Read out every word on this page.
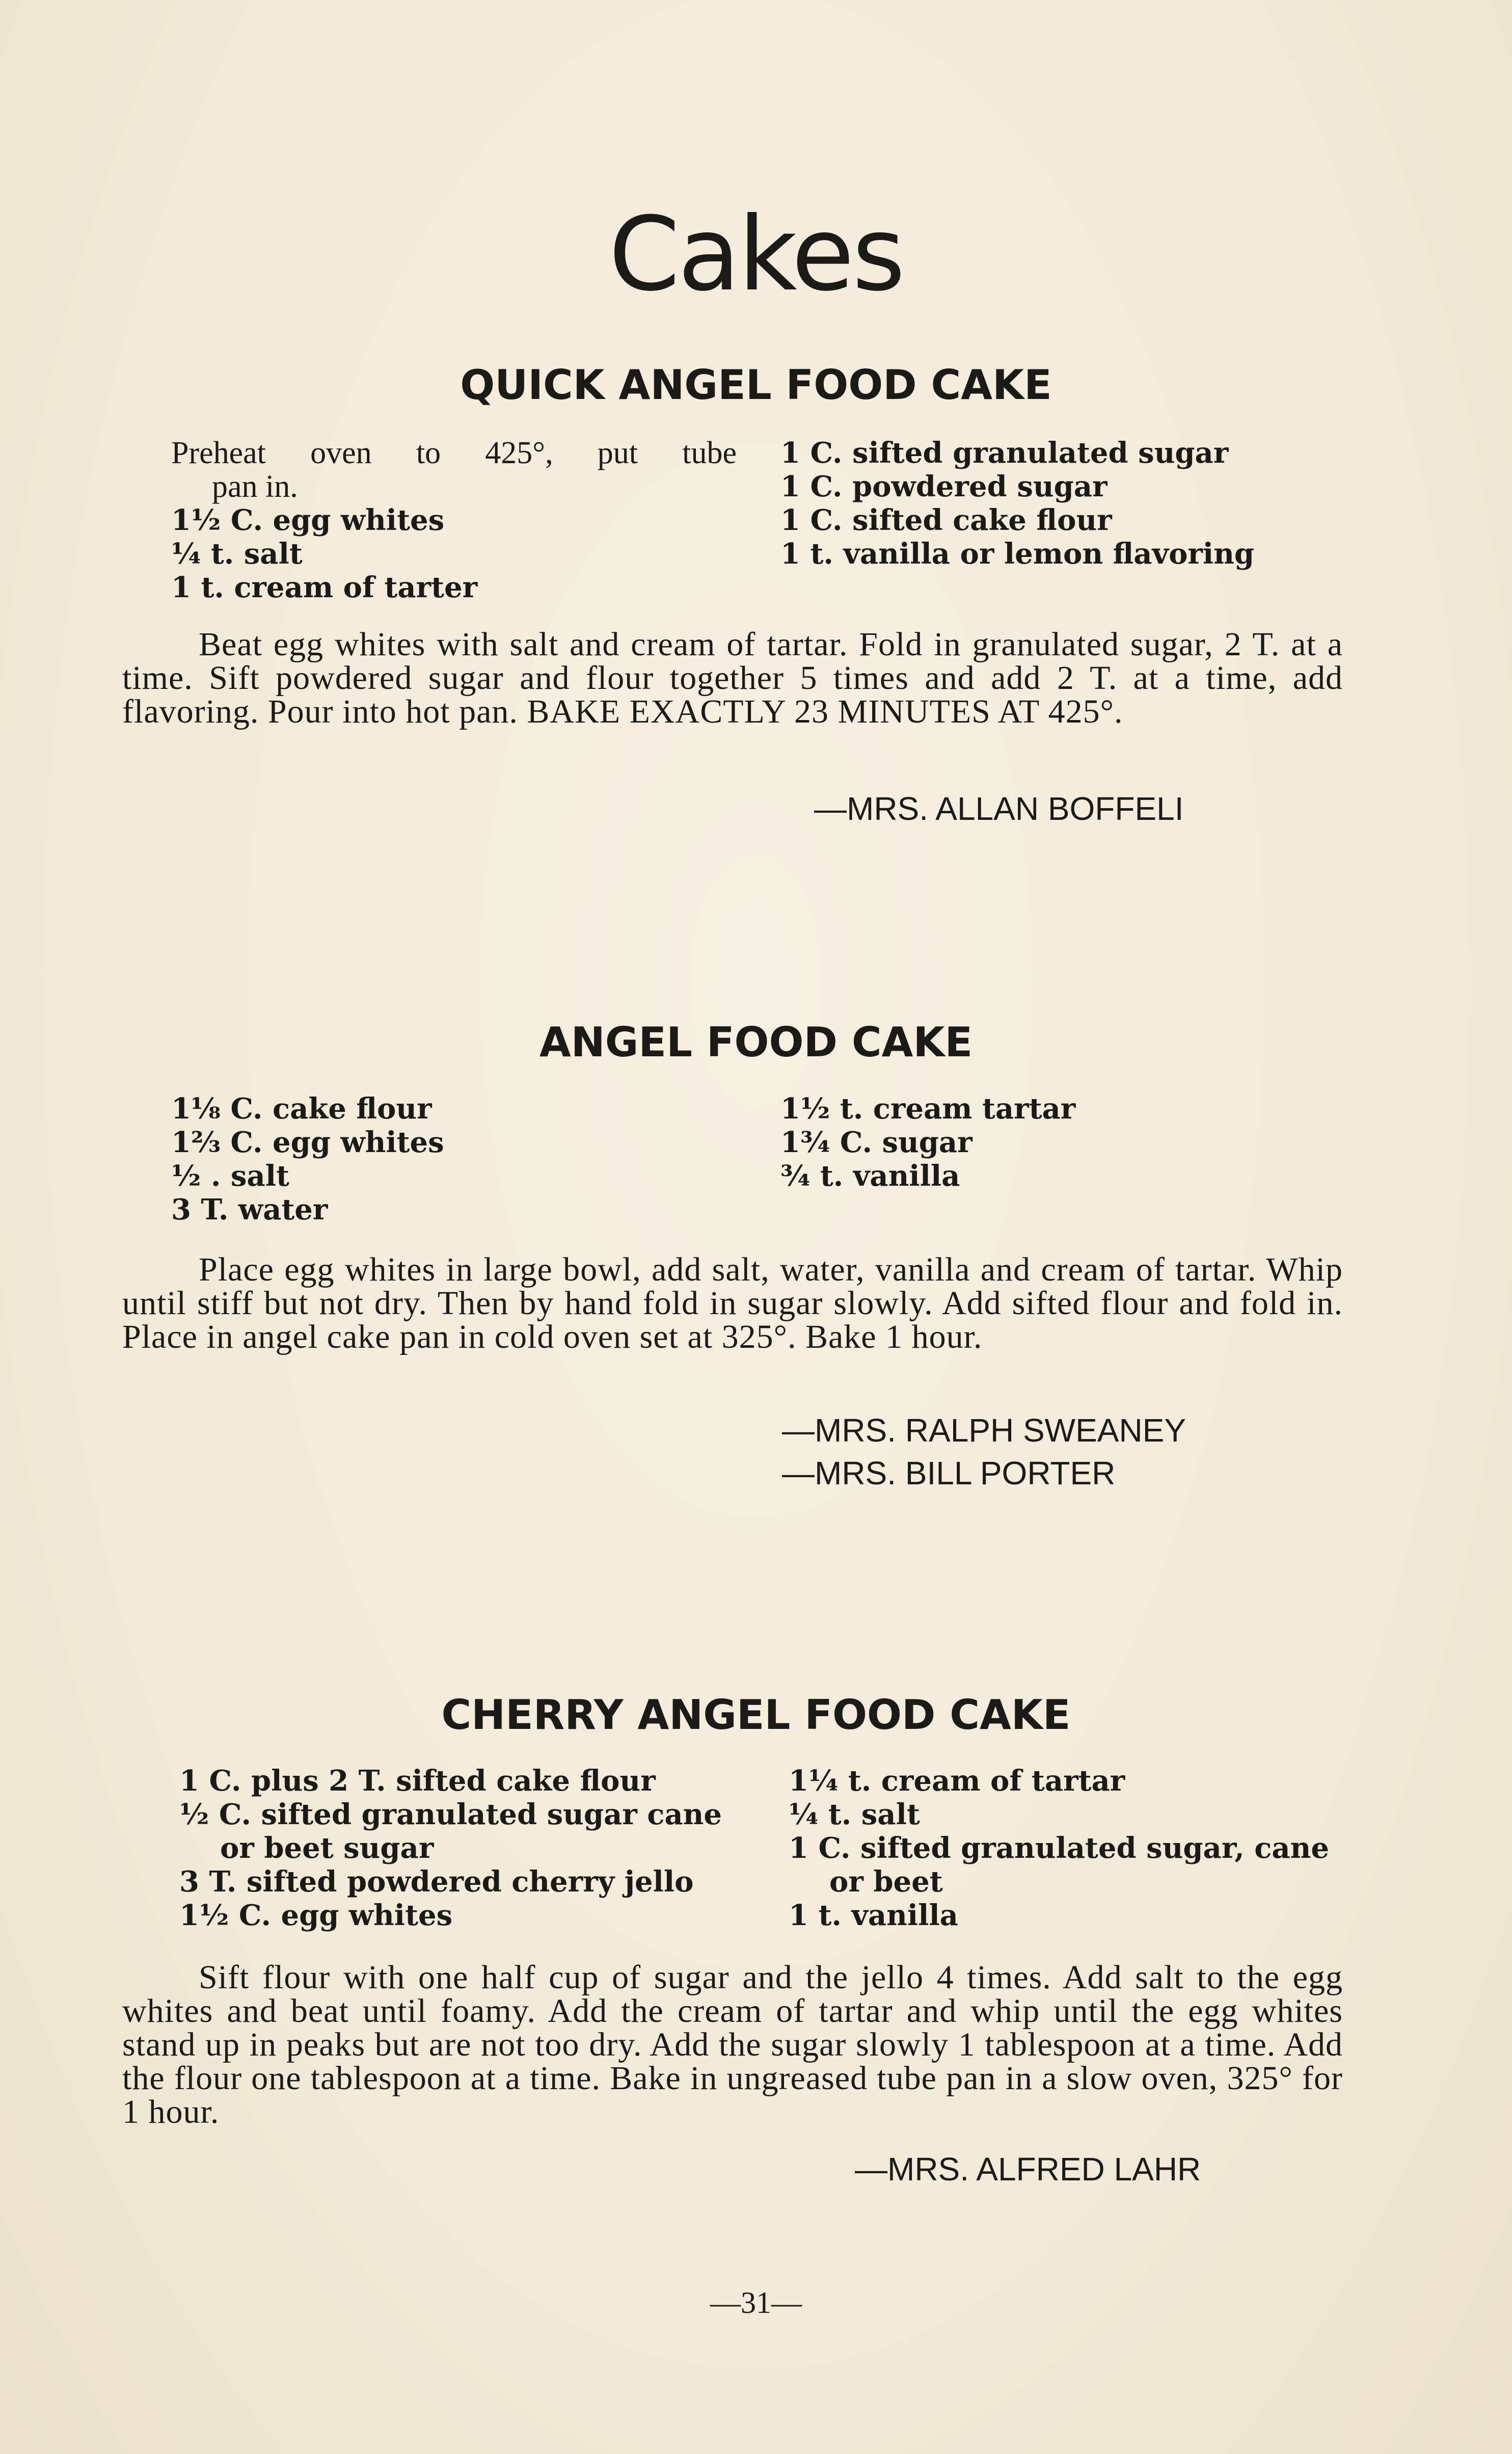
Cakes
QUICK ANGEL FOOD CAKE
Preheat oven to 425°, put tube
pan in.
1½ C. egg whites
¼ t. salt
1 t. cream of tarter
1 C. sifted granulated sugar
1 C. powdered sugar
1 C. sifted cake flour
1 t. vanilla or lemon flavoring

Beat egg whites with salt and cream of tartar. Fold in granulated sugar, 2 T. at a time. Sift powdered sugar and flour together 5 times and add 2 T. at a time, add flavoring. Pour into hot pan. BAKE EXACTLY 23 MINUTES AT 425°.

—MRS. ALLAN BOFFELI

ANGEL FOOD CAKE
1⅛ C. cake flour
1⅔ C. egg whites
½ . salt
3 T. water
1½ t. cream tartar
1¾ C. sugar
¾ t. vanilla

Place egg whites in large bowl, add salt, water, vanilla and cream of tartar. Whip until stiff but not dry. Then by hand fold in sugar slowly. Add sifted flour and fold in. Place in angel cake pan in cold oven set at 325°. Bake 1 hour.

—MRS. RALPH SWEANEY

—MRS. BILL PORTER

CHERRY ANGEL FOOD CAKE
1 C. plus 2 T. sifted cake flour
½ C. sifted granulated sugar cane
or beet sugar
3 T. sifted powdered cherry jello
1½ C. egg whites
1¼ t. cream of tartar
¼ t. salt
1 C. sifted granulated sugar, cane
or beet
1 t. vanilla

Sift flour with one half cup of sugar and the jello 4 times. Add salt to the egg whites and beat until foamy. Add the cream of tartar and whip until the egg whites stand up in peaks but are not too dry. Add the sugar slowly 1 tablespoon at a time. Add the flour one tablespoon at a time. Bake in ungreased tube pan in a slow oven, 325° for 1 hour.

—MRS. ALFRED LAHR

—31—
